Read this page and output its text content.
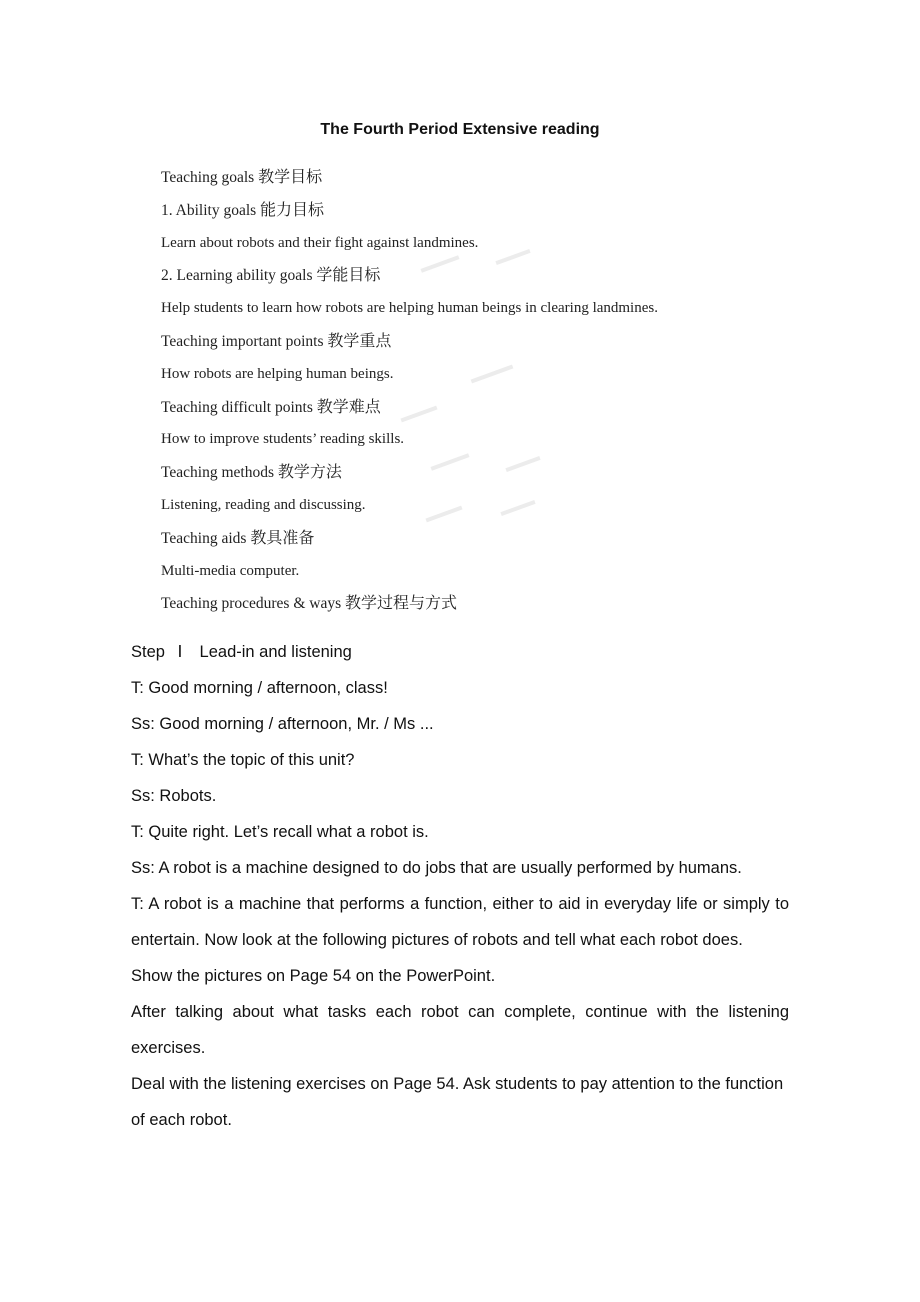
The Fourth Period Extensive reading
Teaching goals 教学目标
1. Ability goals 能力目标
Learn about robots and their fight against landmines.
2. Learning ability goals 学能目标
Help students to learn how robots are helping human beings in clearing landmines.
Teaching important points 教学重点
How robots are helping human beings.
Teaching difficult points 教学难点
How to improve students’ reading skills.
Teaching methods 教学方法
Listening, reading and discussing.
Teaching aids 教具准备
Multi-media computer.
Teaching procedures & ways 教学过程与方式

Step Ⅰ Lead-in and listening

T: Good morning / afternoon, class!

Ss: Good morning / afternoon, Mr. / Ms ...

T: What’s the topic of this unit?

Ss: Robots.

T: Quite right. Let’s recall what a robot is.

Ss: A robot is a machine designed to do jobs that are usually performed by humans.

T: A robot is a machine that performs a function, either to aid in everyday life or simply to entertain. Now look at the following pictures of robots and tell what each robot does.

Show the pictures on Page 54 on the PowerPoint.

After talking about what tasks each robot can complete, continue with the listening exercises.

Deal with the listening exercises on Page 54. Ask students to pay attention to the function of each robot.
